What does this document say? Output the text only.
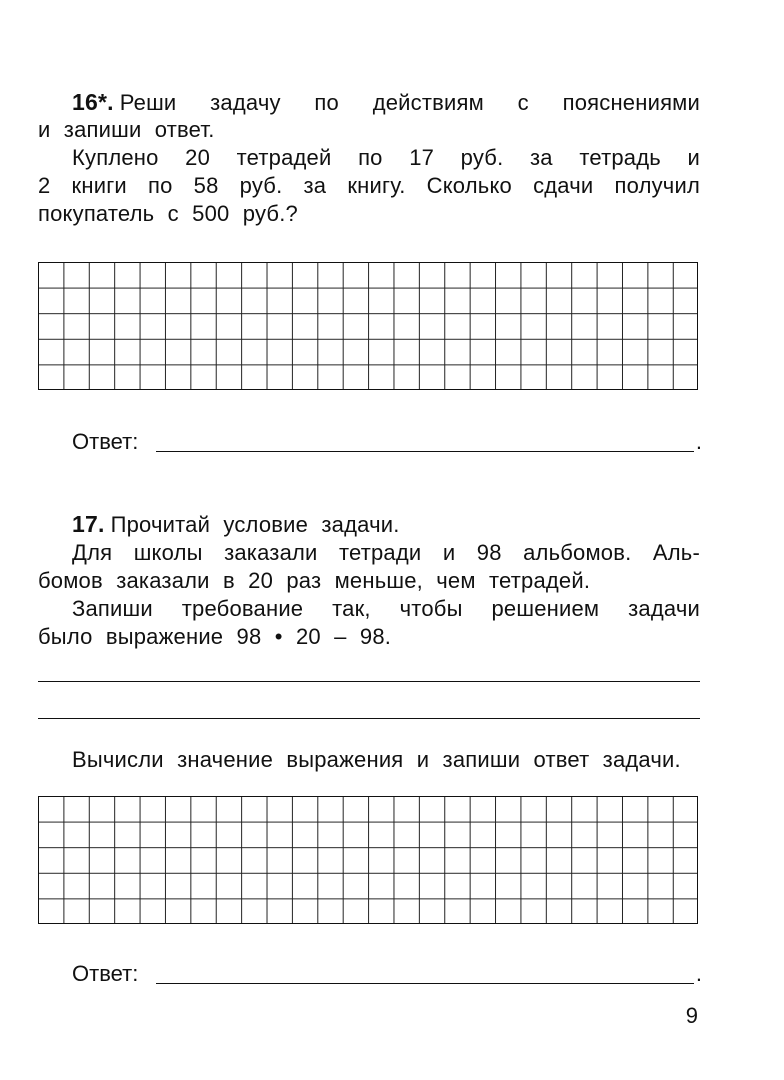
16*. Реши задачу по действиям с пояснениями
и запиши ответ.
Куплено 20 тетрадей по 17 руб. за тетрадь и
2 книги по 58 руб. за книгу. Сколько сдачи получил
покупатель с 500 руб.?
Ответ:	.
17. Прочитай условие задачи.
Для школы заказали тетради и 98 альбомов. Аль-
бомов заказали в 20 раз меньше, чем тетрадей.
Запиши требование так, чтобы решением задачи
было выражение 98 • 20 – 98.
Вычисли значение выражения и запиши ответ задачи.
Ответ:	.
9
